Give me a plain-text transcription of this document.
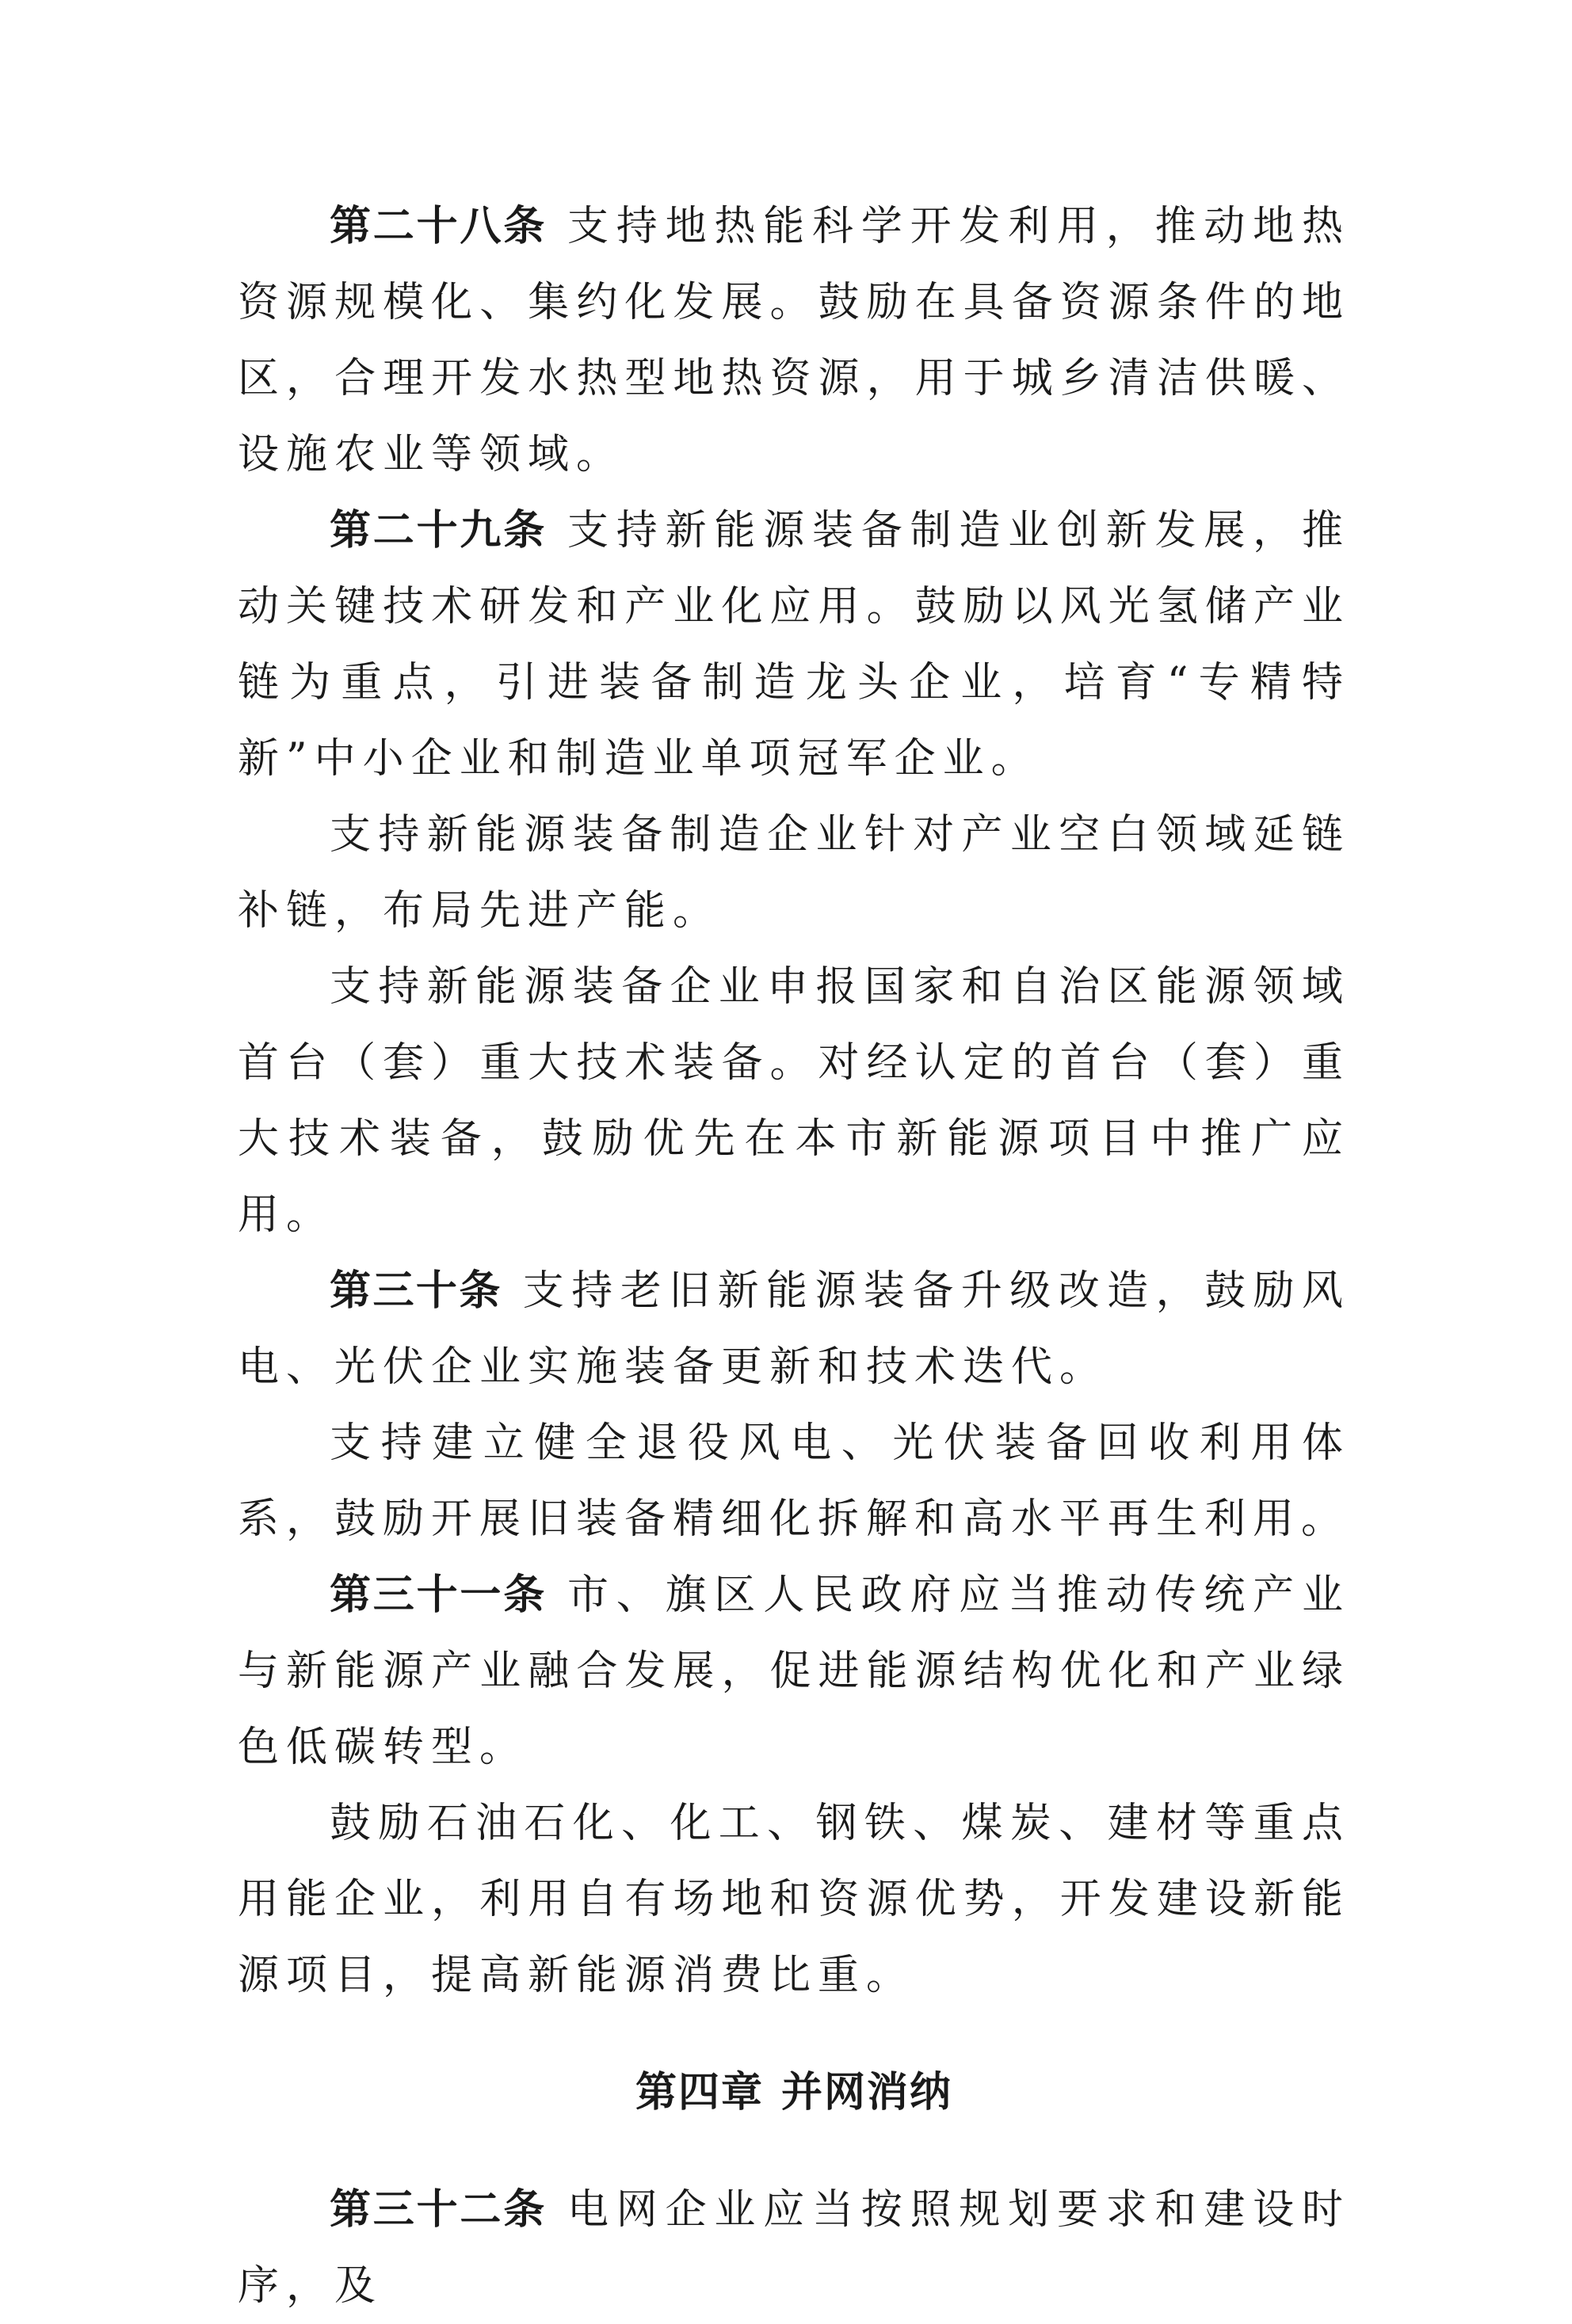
第二十八条 支持地热能科学开发利用，推动地热资源规模化、集约化发展。鼓励在具备资源条件的地区，合理开发水热型地热资源，用于城乡清洁供暖、设施农业等领域。

第二十九条 支持新能源装备制造业创新发展，推动关键技术研发和产业化应用。鼓励以风光氢储产业链为重点，引进装备制造龙头企业，培育“专精特新”中小企业和制造业单项冠军企业。

支持新能源装备制造企业针对产业空白领域延链补链，布局先进产能。

支持新能源装备企业申报国家和自治区能源领域首台（套）重大技术装备。对经认定的首台（套）重大技术装备，鼓励优先在本市新能源项目中推广应用。

第三十条 支持老旧新能源装备升级改造，鼓励风电、光伏企业实施装备更新和技术迭代。

支持建立健全退役风电、光伏装备回收利用体系，鼓励开展旧装备精细化拆解和高水平再生利用。

第三十一条 市、旗区人民政府应当推动传统产业与新能源产业融合发展，促进能源结构优化和产业绿色低碳转型。

鼓励石油石化、化工、钢铁、煤炭、建材等重点用能企业，利用自有场地和资源优势，开发建设新能源项目，提高新能源消费比重。

第四章 并网消纳

第三十二条 电网企业应当按照规划要求和建设时序，及
